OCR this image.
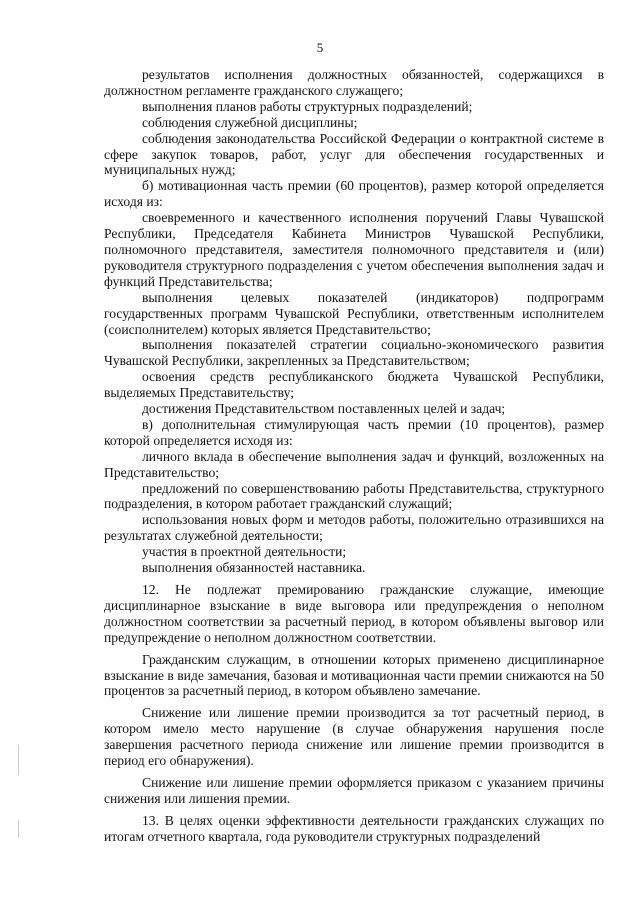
5

результатов исполнения должностных обязанностей, содержащихся в должностном регламенте гражданского служащего;

выполнения планов работы структурных подразделений;

соблюдения служебной дисциплины;

соблюдения законодательства Российской Федерации о контрактной системе в сфере закупок товаров, работ, услуг для обеспечения государственных и муниципальных нужд;

б) мотивационная часть премии (60 процентов), размер которой определяется исходя из:

своевременного и качественного исполнения поручений Главы Чувашской Республики, Председателя Кабинета Министров Чувашской Республики, полномочного представителя, заместителя полномочного представителя и (или) руководителя структурного подразделения с учетом обеспечения выполнения задач и функций Представительства;

выполнения целевых показателей (индикаторов) подпрограмм государственных программ Чувашской Республики, ответственным исполнителем (соисполнителем) которых является Представительство;

выполнения показателей стратегии социально-экономического развития Чувашской Республики, закрепленных за Представительством;

освоения средств республиканского бюджета Чувашской Республики, выделяемых Представительству;

достижения Представительством поставленных целей и задач;

в) дополнительная стимулирующая часть премии (10 процентов), размер которой определяется исходя из:

личного вклада в обеспечение выполнения задач и функций, возложенных на Представительство;

предложений по совершенствованию работы Представительства, структурного подразделения, в котором работает гражданский служащий;

использования новых форм и методов работы, положительно отразившихся на результатах служебной деятельности;

участия в проектной деятельности;

выполнения обязанностей наставника.

12. Не подлежат премированию гражданские служащие, имеющие дисциплинарное взыскание в виде выговора или предупреждения о неполном должностном соответствии за расчетный период, в котором объявлены выговор или предупреждение о неполном должностном соответствии.

Гражданским служащим, в отношении которых применено дисциплинарное взыскание в виде замечания, базовая и мотивационная части премии снижаются на 50 процентов за расчетный период, в котором объявлено замечание.

Снижение или лишение премии производится за тот расчетный период, в котором имело место нарушение (в случае обнаружения нарушения после завершения расчетного периода снижение или лишение премии производится в период его обнаружения).

Снижение или лишение премии оформляется приказом с указанием причины снижения или лишения премии.

13. В целях оценки эффективности деятельности гражданских служащих по итогам отчетного квартала, года руководители структурных подразделений
